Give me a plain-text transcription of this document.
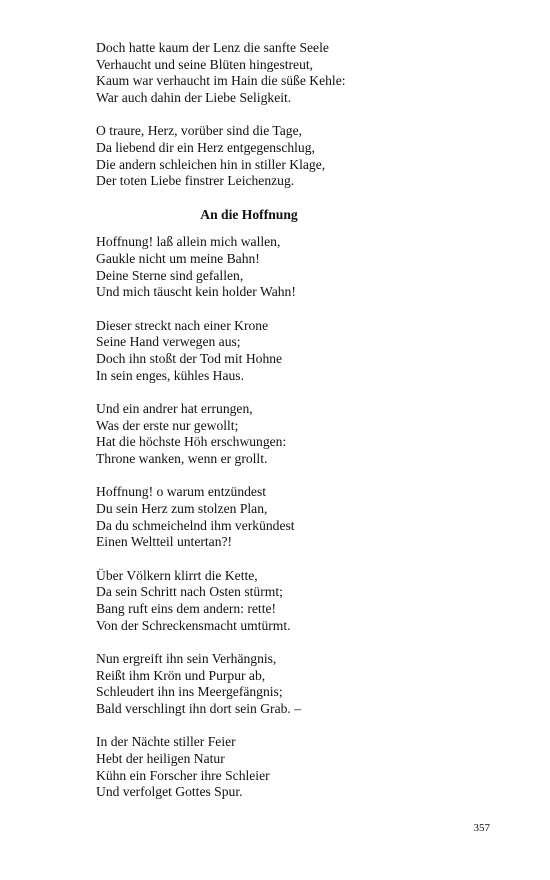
Doch hatte kaum der Lenz die sanfte Seele
Verhaucht und seine Blüten hingestreut,
Kaum war verhaucht im Hain die süße Kehle:
War auch dahin der Liebe Seligkeit.
O traure, Herz, vorüber sind die Tage,
Da liebend dir ein Herz entgegenschlug,
Die andern schleichen hin in stiller Klage,
Der toten Liebe finstrer Leichenzug.
An die Hoffnung
Hoffnung! laß allein mich wallen,
Gaukle nicht um meine Bahn!
Deine Sterne sind gefallen,
Und mich täuscht kein holder Wahn!
Dieser streckt nach einer Krone
Seine Hand verwegen aus;
Doch ihn stoßt der Tod mit Hohne
In sein enges, kühles Haus.
Und ein andrer hat errungen,
Was der erste nur gewollt;
Hat die höchste Höh erschwungen:
Throne wanken, wenn er grollt.
Hoffnung! o warum entzündest
Du sein Herz zum stolzen Plan,
Da du schmeichelnd ihm verkündest
Einen Weltteil untertan?!
Über Völkern klirrt die Kette,
Da sein Schritt nach Osten stürmt;
Bang ruft eins dem andern: rette!
Von der Schreckensmacht umtürmt.
Nun ergreift ihn sein Verhängnis,
Reißt ihm Krön und Purpur ab,
Schleudert ihn ins Meergefängnis;
Bald verschlingt ihn dort sein Grab. –
In der Nächte stiller Feier
Hebt der heiligen Natur
Kühn ein Forscher ihre Schleier
Und verfolget Gottes Spur.
357
